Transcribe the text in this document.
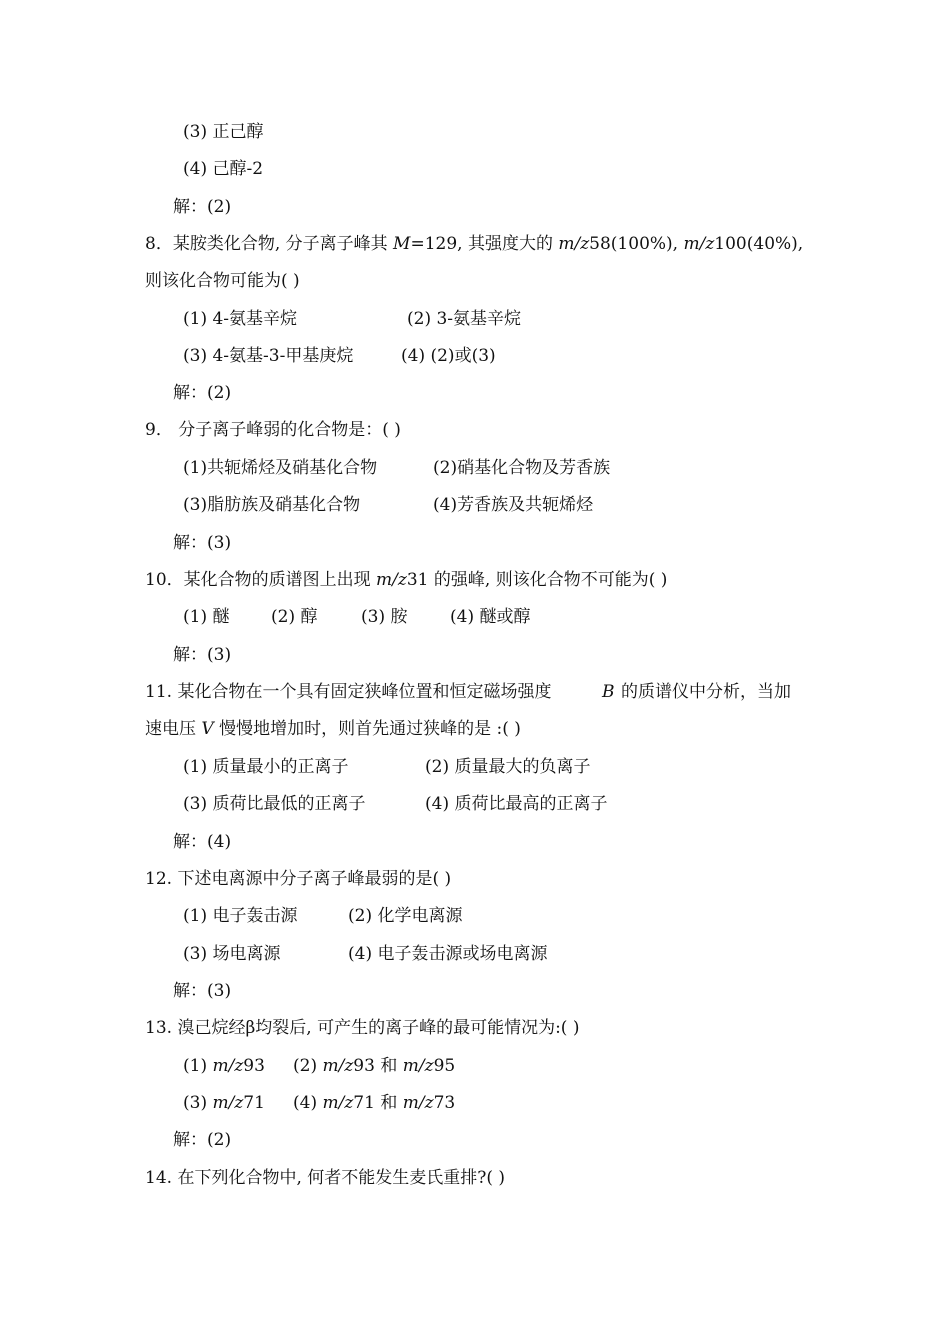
(3) 正己醇
(4) 己醇-2
解：(2)
8．某胺类化合物, 分子离子峰其 M=129, 其强度大的 m/z58(100%), m/z100(40%),
则该化合物可能为( )
(1) 4-氨基辛烷	(2) 3-氨基辛烷
(3) 4-氨基-3-甲基庚烷	(4) (2)或(3)
解：(2)
9． 分子离子峰弱的化合物是：( )
(1)共轭烯烃及硝基化合物	(2)硝基化合物及芳香族
(3)脂肪族及硝基化合物	(4)芳香族及共轭烯烃
解：(3)
10．某化合物的质谱图上出现 m/z31 的强峰, 则该化合物不可能为( )
(1) 醚 (2) 醇	(3) 胺	(4) 醚或醇
解：(3)
11. 某化合物在一个具有固定狭峰位置和恒定磁场强度	B 的质谱仪中分析，当加
速电压 V 慢慢地增加时，则首先通过狭峰的是 :( )
(1) 质量最小的正离子	(2) 质量最大的负离子
(3) 质荷比最低的正离子	(4) 质荷比最高的正离子
解：(4)
12. 下述电离源中分子离子峰最弱的是( )
(1) 电子轰击源	(2) 化学电离源
(3) 场电离源	(4) 电子轰击源或场电离源
解：(3)
13. 溴己烷经β均裂后, 可产生的离子峰的最可能情况为:( )
(1) m/z93 (2) m/z93 和 m/z95
(3) m/z71 (4) m/z71 和 m/z73
解：(2)
14. 在下列化合物中, 何者不能发生麦氏重排?( )
